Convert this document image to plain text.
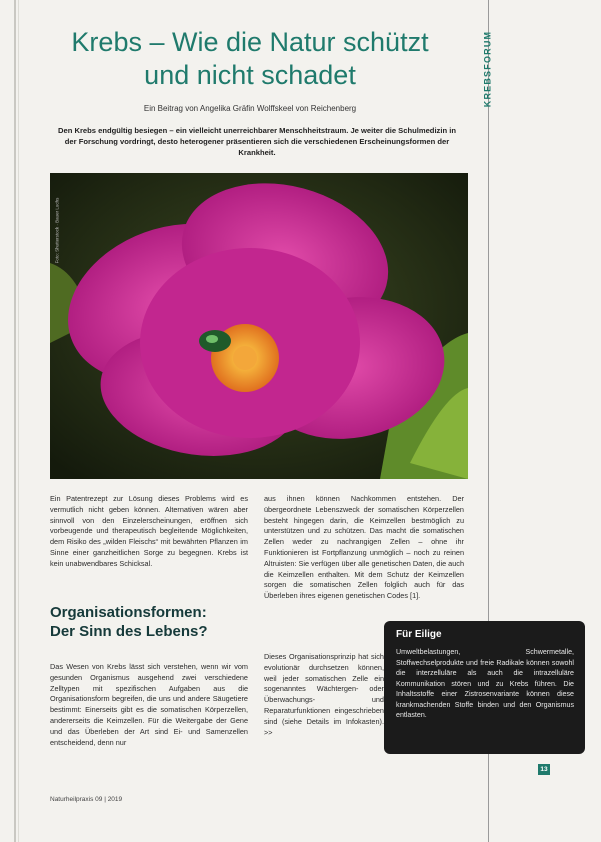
KREBSFORUM
Krebs – Wie die Natur schützt
und nicht schadet
Ein Beitrag von Angelika Gräfin Wolffskeel von Reichenberg
Den Krebs endgültig besiegen – ein vielleicht unerreichbarer Menschheitstraum. Je weiter die Schulmedizin in der Forschung vordringt, desto heterogener präsentieren sich die verschiedenen Erscheinungsformen der Krankheit.
Foto: Shutterstock · Bauer Luchs
Ein Patentrezept zur Lösung dieses Problems wird es vermutlich nicht geben können. Alternativen wären aber sinnvoll von den Einzelerscheinungen, eröffnen sich vorbeugende und therapeutisch begleitende Möglichkeiten, dem Risiko des „wilden Fleischs“ mit bewährten Pflanzen im Sinne einer ganzheitlichen Sorge zu begegnen. Krebs ist kein unabwendbares Schicksal.
Organisationsformen:
Der Sinn des Lebens?
Das Wesen von Krebs lässt sich verstehen, wenn wir vom gesunden Organismus ausgehend zwei verschiedene Zelltypen mit spezifischen Aufgaben aus die Organisationsform begreifen, die uns und andere Säugetiere bestimmt: Einerseits gibt es die somatischen Körperzellen, andererseits die Keimzellen. Für die Weitergabe der Gene und das Überleben der Art sind Ei- und Samenzellen entscheidend, denn nur
aus ihnen können Nachkommen entstehen. Der übergeordnete Lebenszweck der somatischen Körperzellen besteht hingegen darin, die Keimzellen bestmöglich zu unterstützen und zu schützen. Das macht die somatischen Zellen weder zu nachrangigen Zellen – ohne ihr Funktionieren ist Fortpflanzung unmöglich – noch zu reinen Altruisten: Sie verfügen über alle genetischen Daten, die auch die Keimzellen enthalten. Mit dem Schutz der Keimzellen sorgen die somatischen Zellen folglich auch für das Überleben ihres eigenen genetischen Codes [1].
Dieses Organisationsprinzip hat sich evolutionär durchsetzen können, weil jeder somatischen Zelle ein sogenanntes Wächtergen- oder Überwachungs- und Reparaturfunktionen eingeschrieben sind (siehe Details im Infokasten). >>
Für Eilige
Umweltbelastungen, Schwermetalle, Stoffwechselprodukte und freie Radikale können sowohl die interzelluläre als auch die intrazelluläre Kommunikation stören und zu Krebs führen. Die Inhaltsstoffe einer Zistrosenvariante können diese krankmachenden Stoffe binden und den Organismus entlasten.
13
Naturheilpraxis 09 | 2019
